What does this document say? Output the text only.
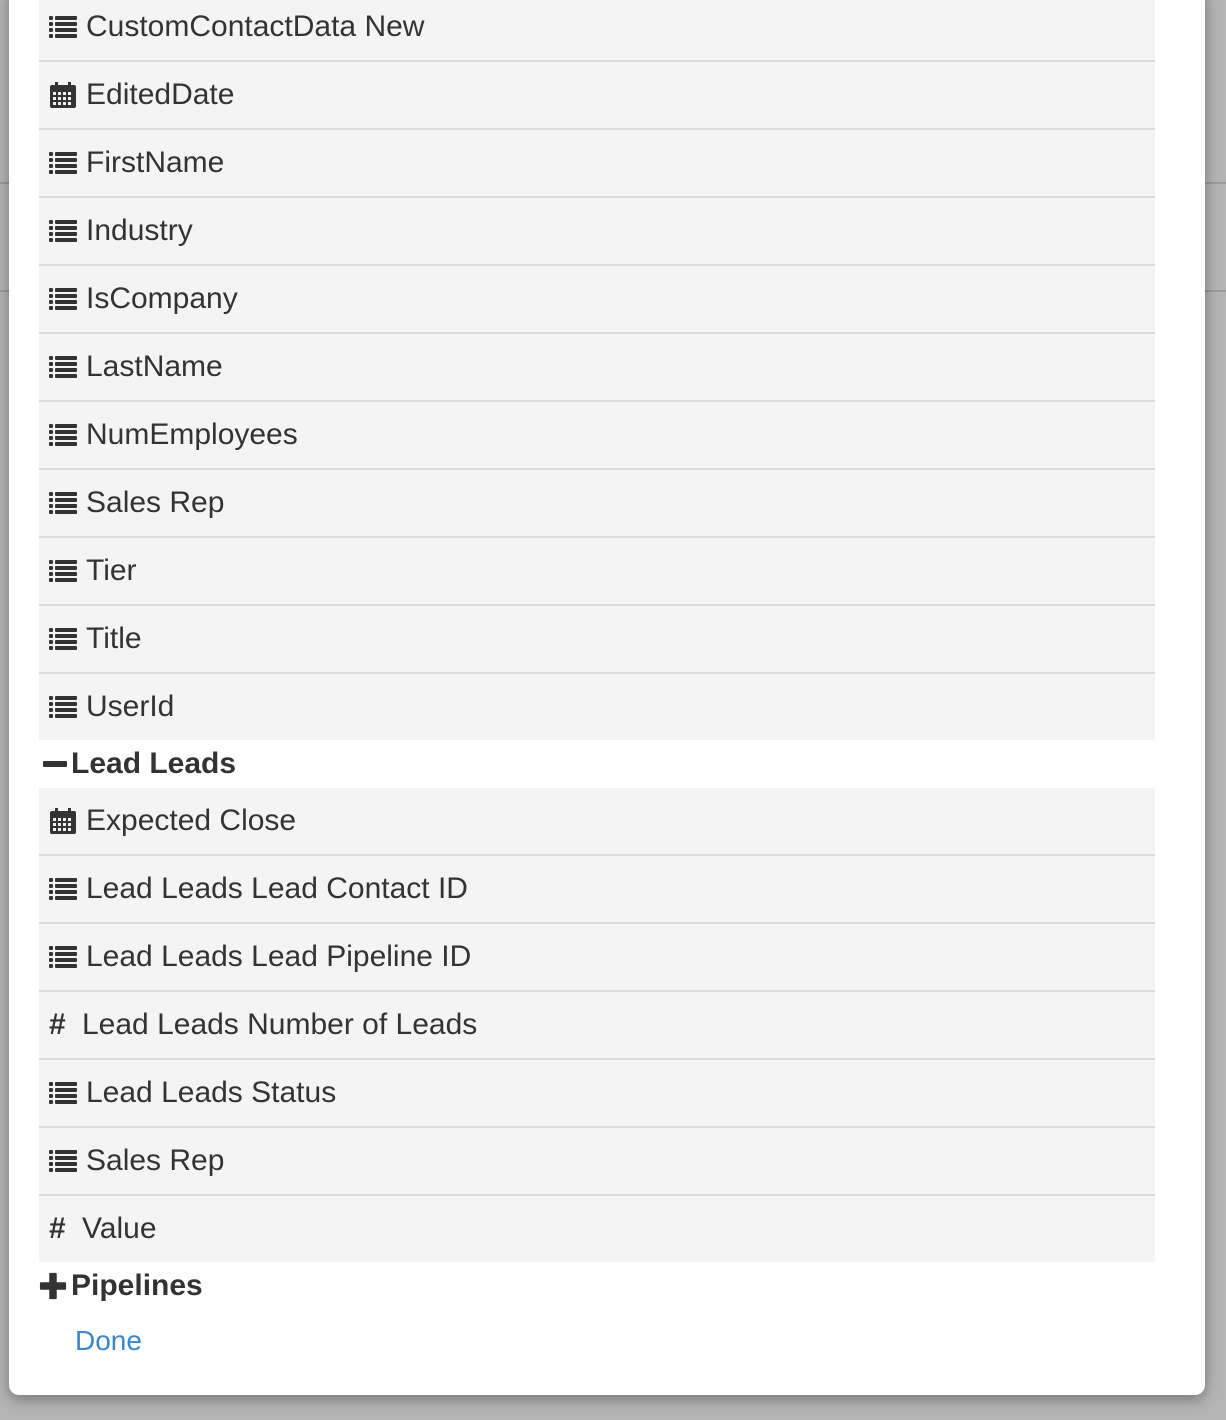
CustomContactData New
EditedDate
FirstName
Industry
IsCompany
LastName
NumEmployees
Sales Rep
Tier
Title
UserId
Lead Leads
Expected Close
Lead Leads Lead Contact ID
Lead Leads Lead Pipeline ID
# Lead Leads Number of Leads
Lead Leads Status
Sales Rep
# Value
Pipelines
Done
